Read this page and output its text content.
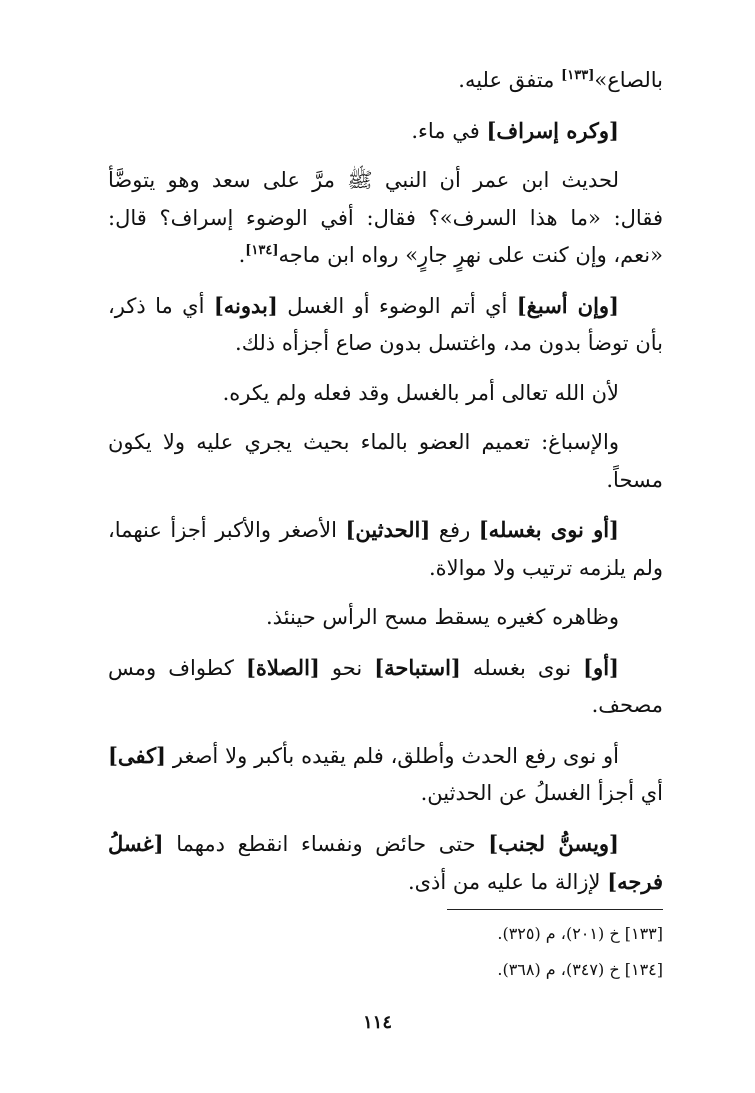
بالصاع»[١٣٣] متفق عليه.

[وكره إسراف] في ماء.

لحديث ابن عمر أن النبي ﷺ مرَّ على سعد وهو يتوضَّأ فقال: «ما هذا السرف»؟ فقال: أفي الوضوء إسراف؟ قال: «نعم، وإن كنت على نهرٍ جارٍ» رواه ابن ماجه[١٣٤].

[وإن أسبغ] أي أتم الوضوء أو الغسل [بدونه] أي ما ذكر، بأن توضأ بدون مد، واغتسل بدون صاع أجزأه ذلك.

لأن الله تعالى أمر بالغسل وقد فعله ولم يكره.

والإسباغ: تعميم العضو بالماء بحيث يجري عليه ولا يكون مسحاً.

[أو نوى بغسله] رفع [الحدثين] الأصغر والأكبر أجزأ عنهما، ولم يلزمه ترتيب ولا موالاة.

وظاهره كغيره يسقط مسح الرأس حينئذ.

[أو] نوى بغسله [استباحة] نحو [الصلاة] كطواف ومس مصحف.

أو نوى رفع الحدث وأطلق، فلم يقيده بأكبر ولا أصغر [كفى] أي أجزأ الغسلُ عن الحدثين.

[ويسنُّ لجنب] حتى حائض ونفساء انقطع دمهما [غسلُ فرجه] لإزالة ما عليه من أذى.

[١٣٣] خ (٢٠١)، م (٣٢٥).

[١٣٤] خ (٣٤٧)، م (٣٦٨).

١١٤
